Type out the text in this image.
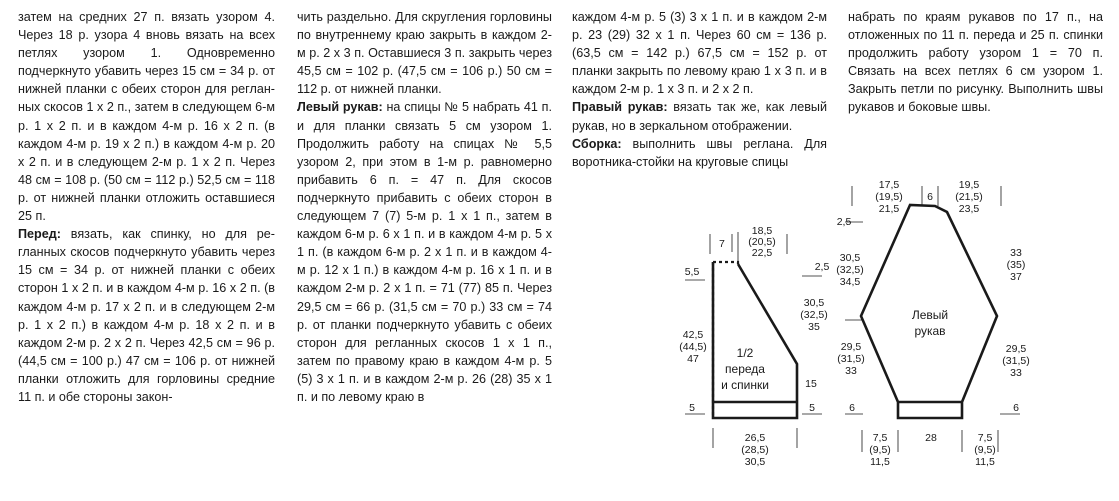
затем на средних 27 п. вязать узором 4. Через 18 р. узора 4 вновь вязать на всех петлях узором 1. Одновременно подчеркнуто убавить через 15 см = 34 р. от нижней планки с обеих сторон для регланных скосов 1 х 2 п., затем в следующем 6-м р. 1 х 2 п. и в каждом 4-м р. 16 х 2 п. (в каждом 4-м р. 19 х 2 п.) в каждом 4-м р. 20 х 2 п. и в следующем 2-м р. 1 х 2 п. Через 48 см = 108 р. (50 см = 112 р.) 52,5 см = 118 р. от нижней планки отложить оставшиеся 25 п.

Перед: вязать, как спинку, но для регланных скосов подчеркнуто убавить через 15 см = 34 р. от нижней планки с обеих сторон 1 х 2 п. и в каждом 4-м р. 16 х 2 п. (в каждом 4-м р. 17 х 2 п. и в следующем 2-м р. 1 х 2 п.) в каждом 4-м р. 18 х 2 п. и в каждом 2-м р. 2 х 2 п. Через 42,5 см = 96 р. (44,5 см = 100 р.) 47 см = 106 р. от нижней планки отложить для горловины средние 11 п. и обе стороны закон-

чить раздельно. Для скругления горловины по внутреннему краю закрыть в каждом 2-м р. 2 х 3 п. Оставшиеся 3 п. закрыть через 45,5 см = 102 р. (47,5 см = 106 р.) 50 см = 112 р. от нижней планки.

Левый рукав: на спицы № 5 набрать 41 п. и для планки связать 5 см узором 1. Продолжить работу на спицах № 5,5 узором 2, при этом в 1-м р. равномерно прибавить 6 п. = 47 п. Для скосов подчеркнуто прибавить с обеих сторон в следующем 7 (7) 5-м р. 1 х 1 п., затем в каждом 6-м р. 6 х 1 п. и в каждом 4-м р. 5 х 1 п. (в каждом 6-м р. 2 х 1 п. и в каждом 4-м р. 12 х 1 п.) в каждом 4-м р. 16 х 1 п. и в каждом 2-м р. 2 х 1 п. = 71 (77) 85 п. Через 29,5 см = 66 р. (31,5 см = 70 р.) 33 см = 74 р. от планки подчеркнуто убавить с обеих сторон для регланных скосов 1 х 1 п., затем по правому краю в каждом 4-м р. 5 (5) 3 х 1 п. и в каждом 2-м р. 26 (28) 35 х 1 п. и по левому краю в

каждом 4-м р. 5 (3) 3 х 1 п. и в каждом 2-м р. 23 (29) 32 х 1 п. Через 60 см = 136 р. (63,5 см = 142 р.) 67,5 см = 152 р. от планки закрыть по левому краю 1 х 3 п. и в каждом 2-м р. 1 х 3 п. и 2 х 2 п.

Правый рукав: вязать так же, как левый рукав, но в зеркальном отображении.

Сборка: выполнить швы реглана. Для воротника-стойки на круговые спицы

набрать по краям рукавов по 17 п., на отложенных по 11 п. переда и 25 п. спинки продолжить работу узором 1 = 70 п. Связать на всех петлях 6 см узором 1. Закрыть петли по рисунку. Выполнить швы рукавов и боковые швы.

1/2
переда
и спинки
7
18,5
(20,5)
22,5
5,5	2,5
30,5
(32,5)
35
42,5
(44,5)
47
15
5	5
26,5
(28,5)
30,5
Левый
рукав
17,5
(19,5)
21,5
6
19,5
(21,5)
23,5
2,5
30,5
(32,5)
34,5
33
(35)
37
29,5
(31,5)
33
29,5
(31,5)
33
6	6
7,5
(9,5)
11,5
28	7,5
(9,5)
11,5
